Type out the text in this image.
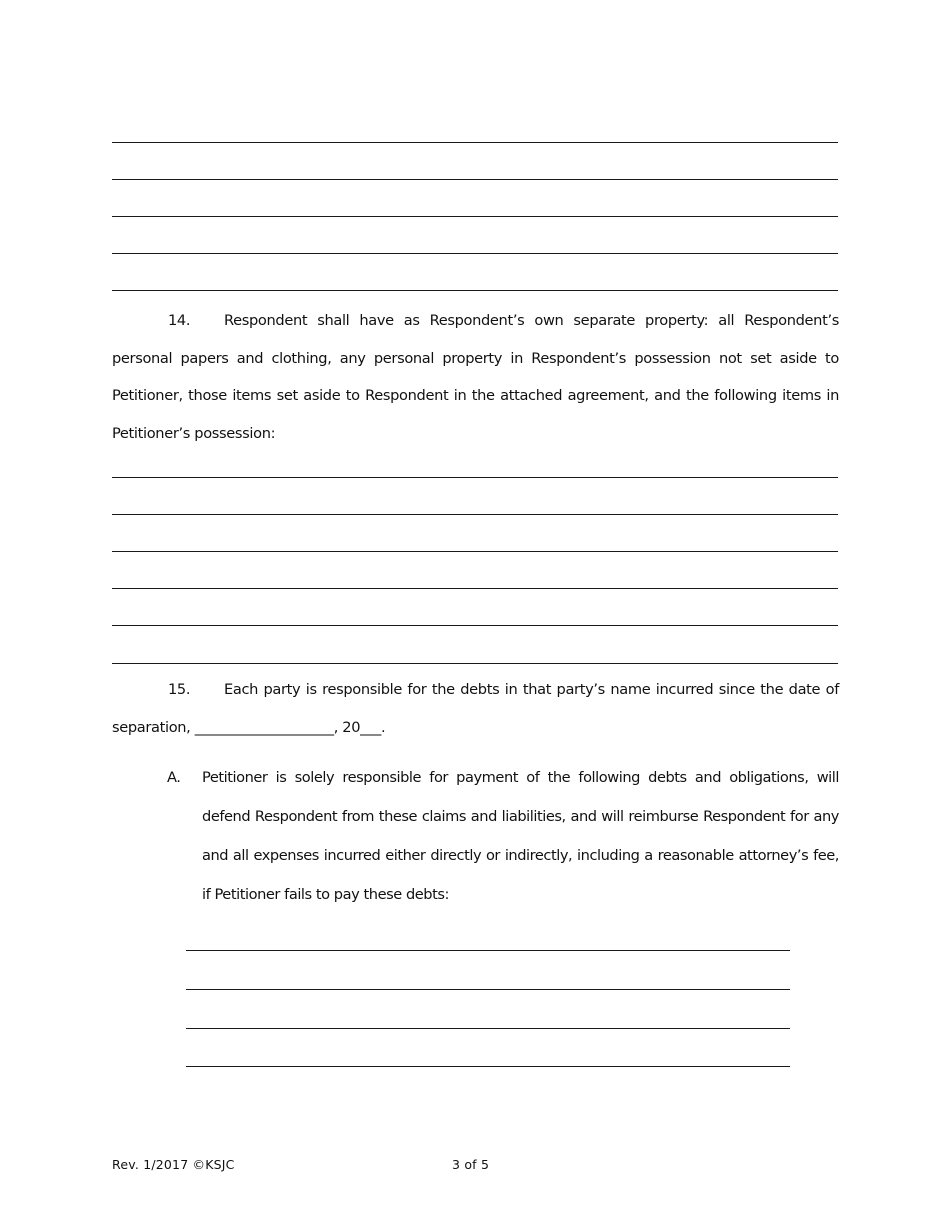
14. Respondent shall have as Respondent’s own separate property: all Respondent’s personal papers and clothing, any personal property in Respondent’s possession not set aside to Petitioner, those items set aside to Respondent in the attached agreement, and the following items in Petitioner’s possession:

15. Each party is responsible for the debts in that party’s name incurred since the date of separation, ____________________, 20___.

A. Petitioner is solely responsible for payment of the following debts and obligations, will defend Respondent from these claims and liabilities, and will reimburse Respondent for any and all expenses incurred either directly or indirectly, including a reasonable attorney’s fee, if Petitioner fails to pay these debts:

Rev. 1/2017 ©KSJC	3 of 5
